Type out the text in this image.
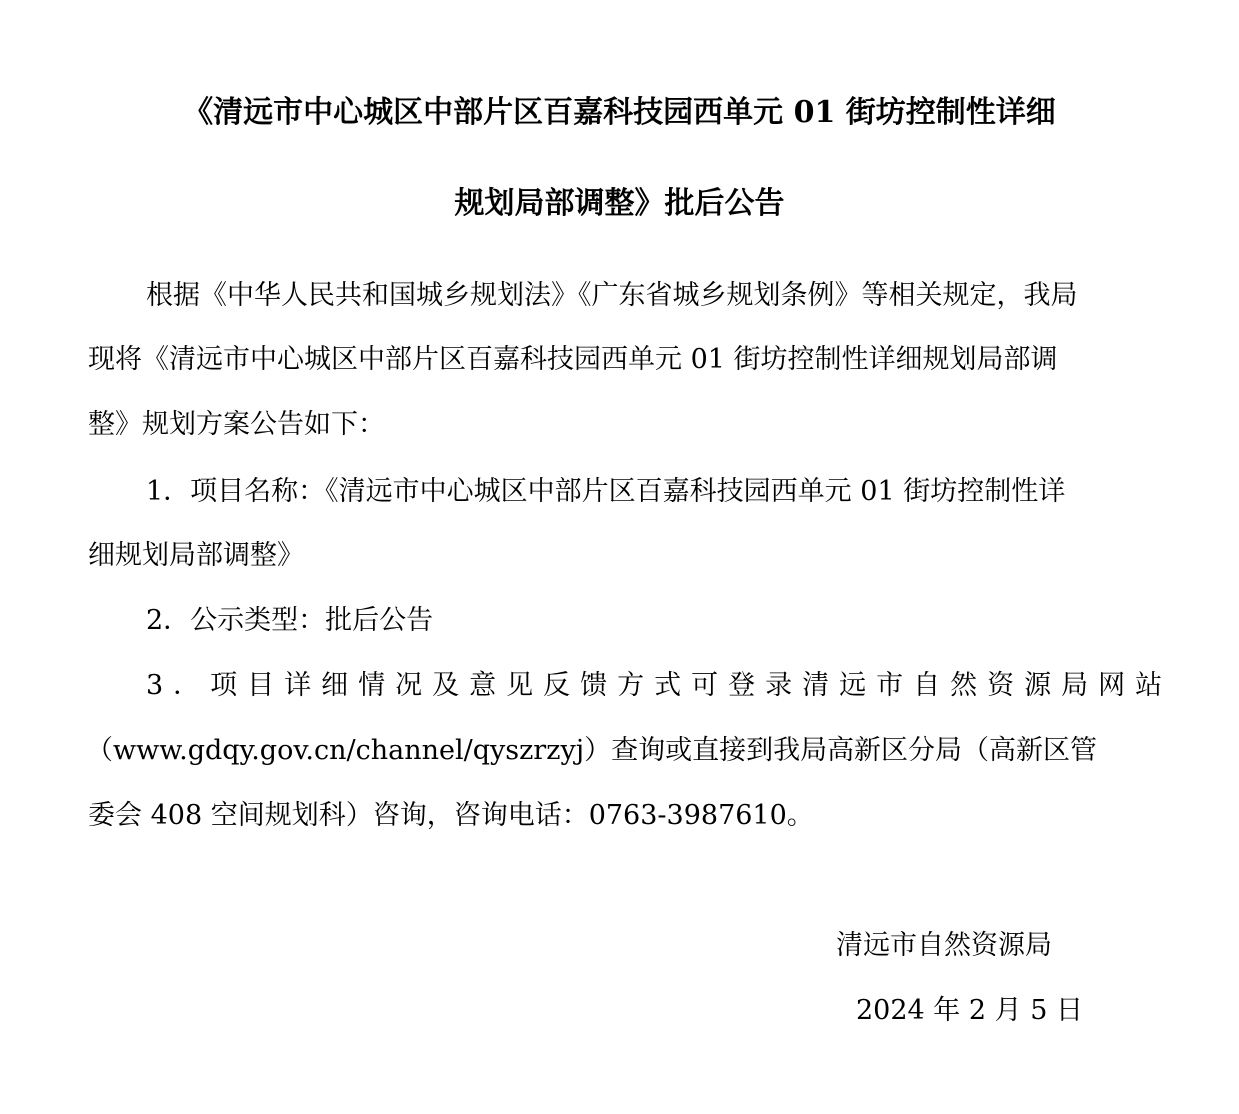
《清远市中心城区中部片区百嘉科技园西单元 01 街坊控制性详细
规划局部调整》批后公告
根据《中华人民共和国城乡规划法》《广东省城乡规划条例》等相关规定，我局
现将《清远市中心城区中部片区百嘉科技园西单元 01 街坊控制性详细规划局部调
整》规划方案公告如下：
1．项目名称：《清远市中心城区中部片区百嘉科技园西单元 01 街坊控制性详
细规划局部调整》
2．公示类型：批后公告
3．项目详细情况及意见反馈方式可登录清远市自然资源局网站
（www.gdqy.gov.cn/channel/qyszrzyj）查询或直接到我局高新区分局（高新区管
委会 408 空间规划科）咨询，咨询电话：0763-3987610。
清远市自然资源局
2024 年 2 月 5 日
